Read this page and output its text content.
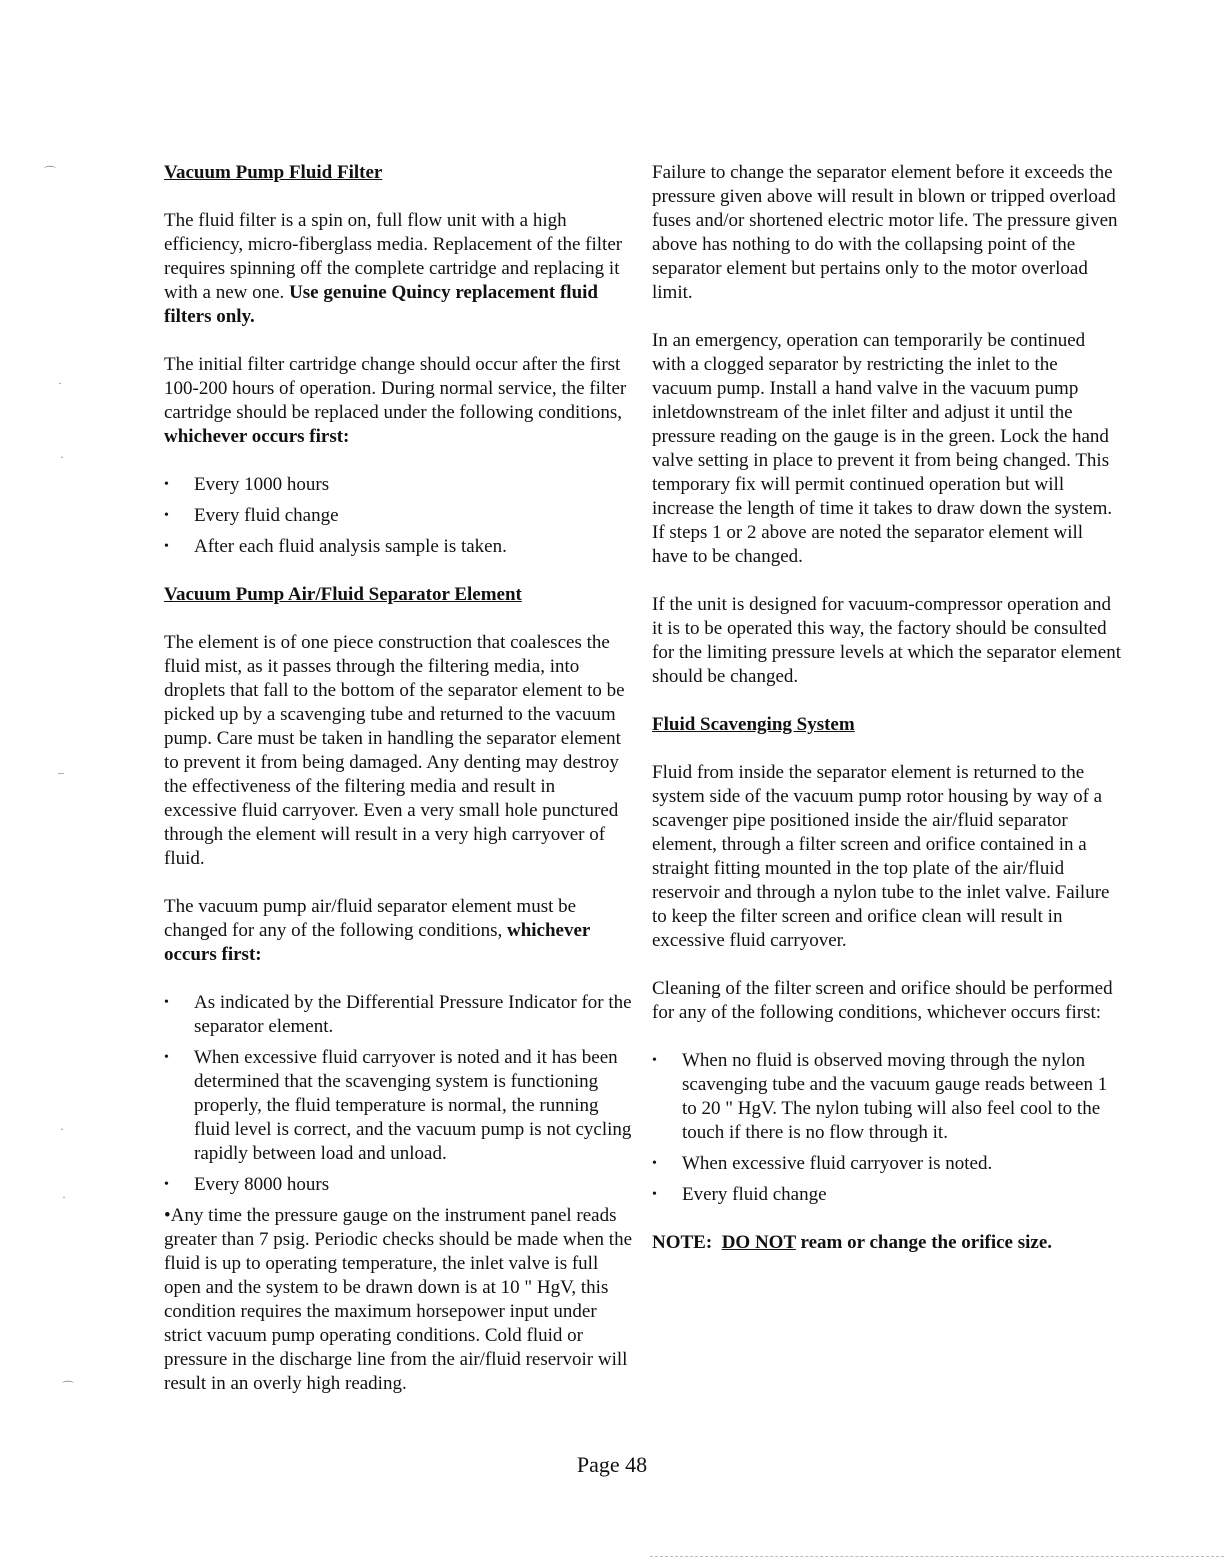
Vacuum Pump Fluid Filter

The fluid filter is a spin on, full flow unit with a high efficiency, micro-fiberglass media. Replacement of the filter requires spinning off the complete cartridge and replacing it with a new one. Use genuine Quincy replacement fluid filters only.

The initial filter cartridge change should occur after the first 100-200 hours of operation. During normal service, the filter cartridge should be replaced under the following conditions, whichever occurs first:

• Every 1000 hours
• Every fluid change
• After each fluid analysis sample is taken.
Vacuum Pump Air/Fluid Separator Element

The element is of one piece construction that coalesces the fluid mist, as it passes through the filtering media, into droplets that fall to the bottom of the separator element to be picked up by a scavenging tube and returned to the vacuum pump. Care must be taken in handling the separator element to prevent it from being damaged. Any denting may destroy the effectiveness of the filtering media and result in excessive fluid carryover. Even a very small hole punctured through the element will result in a very high carryover of fluid.

The vacuum pump air/fluid separator element must be changed for any of the following conditions, whichever occurs first:

• As indicated by the Differential Pressure Indicator for the separator element.
• When excessive fluid carryover is noted and it has been determined that the scavenging system is functioning properly, the fluid temperature is normal, the running fluid level is correct, and the vacuum pump is not cycling rapidly between load and unload.
• Every 8000 hours

•Any time the pressure gauge on the instrument panel reads greater than 7 psig. Periodic checks should be made when the fluid is up to operating temperature, the inlet valve is full open and the system to be drawn down is at 10 " HgV, this condition requires the maximum horsepower input under strict vacuum pump operating conditions. Cold fluid or pressure in the discharge line from the air/fluid reservoir will result in an overly high reading.

Failure to change the separator element before it exceeds the pressure given above will result in blown or tripped overload fuses and/or shortened electric motor life. The pressure given above has nothing to do with the collapsing point of the separator element but pertains only to the motor overload limit.

In an emergency, operation can temporarily be continued with a clogged separator by restricting the inlet to the vacuum pump. Install a hand valve in the vacuum pump inletdownstream of the inlet filter and adjust it until the pressure reading on the gauge is in the green. Lock the hand valve setting in place to prevent it from being changed. This temporary fix will permit continued operation but will increase the length of time it takes to draw down the system. If steps 1 or 2 above are noted the separator element will have to be changed.

If the unit is designed for vacuum-compressor operation and it is to be operated this way, the factory should be consulted for the limiting pressure levels at which the separator element should be changed.

Fluid Scavenging System

Fluid from inside the separator element is returned to the system side of the vacuum pump rotor housing by way of a scavenger pipe positioned inside the air/fluid separator element, through a filter screen and orifice contained in a straight fitting mounted in the top plate of the air/fluid reservoir and through a nylon tube to the inlet valve. Failure to keep the filter screen and orifice clean will result in excessive fluid carryover.

Cleaning of the filter screen and orifice should be performed for any of the following conditions, whichever occurs first:

• When no fluid is observed moving through the nylon scavenging tube and the vacuum gauge reads between 1 to 20 " HgV. The nylon tubing will also feel cool to the touch if there is no flow through it.
• When excessive fluid carryover is noted.
• Every fluid change

NOTE: DO NOT ream or change the orifice size.

Page 48
⌒
·
·
–
·
·
⌒
